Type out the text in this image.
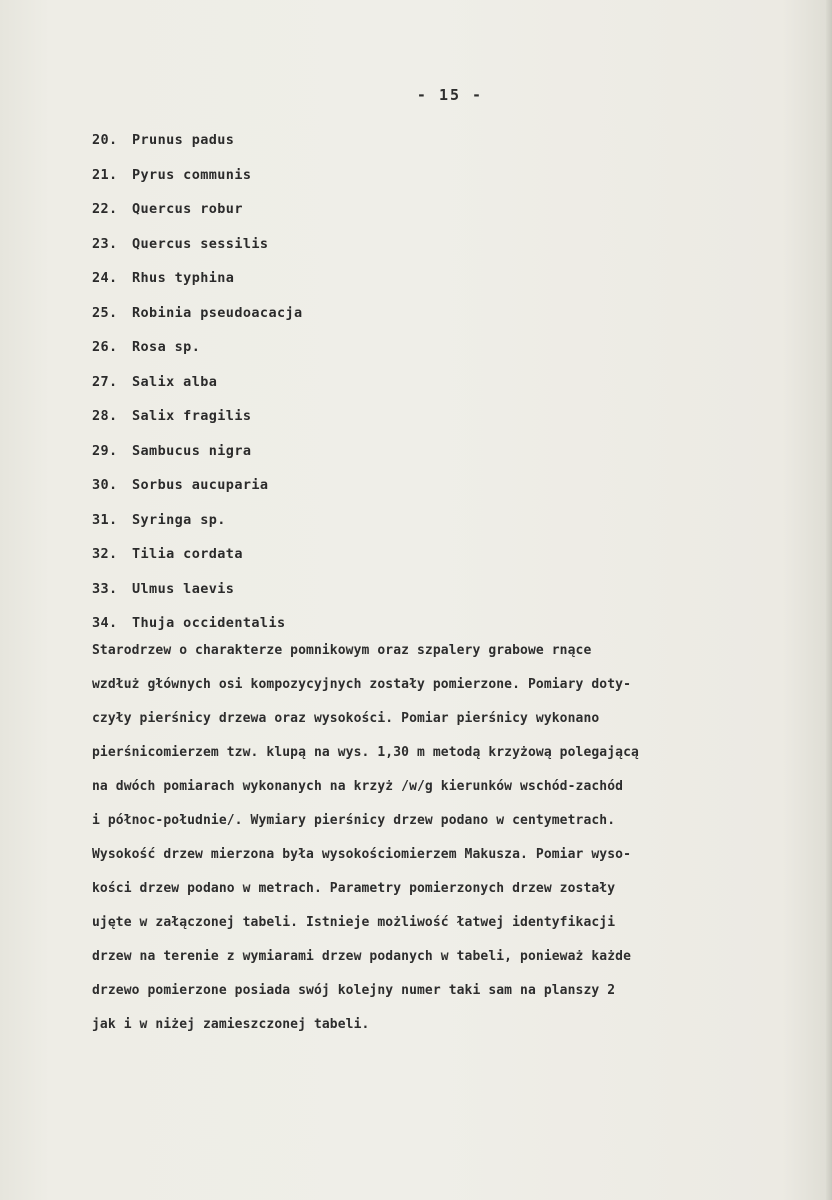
- 15 -
20. Prunus padus
21. Pyrus communis
22. Quercus robur
23. Quercus sessilis
24. Rhus typhina
25. Robinia pseudoacacja
26. Rosa sp.
27. Salix alba
28. Salix fragilis
29. Sambucus nigra
30. Sorbus aucuparia
31. Syringa sp.
32. Tilia cordata
33. Ulmus laevis
34. Thuja occidentalis
Starodrzew o charakterze pomnikowym oraz szpalery grabowe rnące
wzdłuż głównych osi kompozycyjnych zostały pomierzone. Pomiary doty-
czyły pierśnicy drzewa oraz wysokości. Pomiar pierśnicy wykonano
pierśnicomierzem tzw. klupą na wys. 1,30 m metodą krzyżową polegającą
na dwóch pomiarach wykonanych na krzyż /w/g kierunków wschód-zachód
i północ-południe/. Wymiary pierśnicy drzew podano w centymetrach.
Wysokość drzew mierzona była wysokościomierzem Makusza. Pomiar wyso-
kości drzew podano w metrach. Parametry pomierzonych drzew zostały
ujęte w załączonej tabeli. Istnieje możliwość łatwej identyfikacji
drzew na terenie z wymiarami drzew podanych w tabeli, ponieważ każde
drzewo pomierzone posiada swój kolejny numer taki sam na planszy 2
jak i w niżej zamieszczonej tabeli.
